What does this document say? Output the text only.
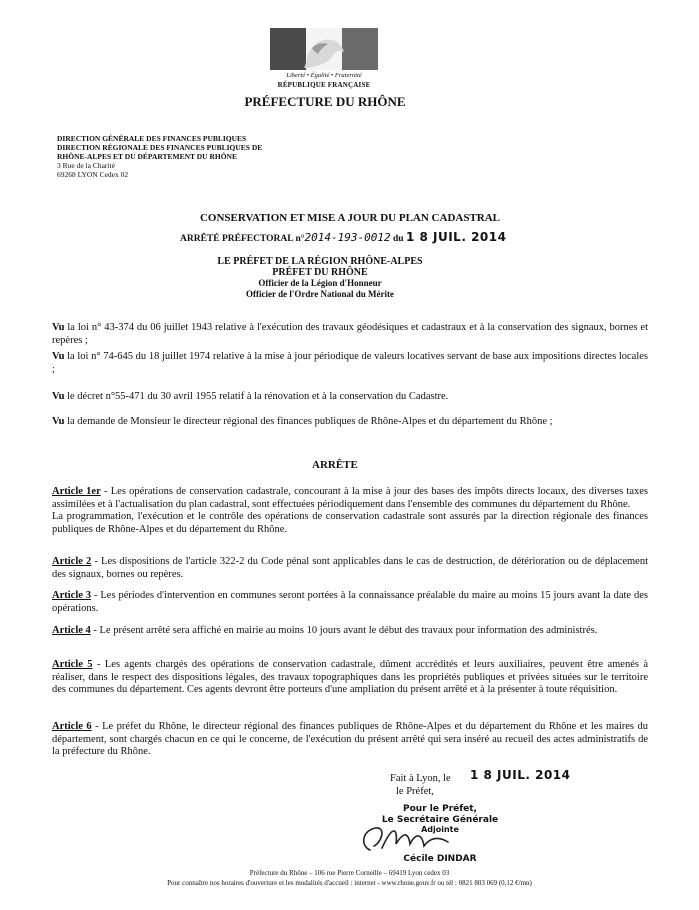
Liberté • Égalité • Fraternité
RÉPUBLIQUE FRANÇAISE
PRÉFECTURE DU RHÔNE
DIRECTION GÉNÉRALE DES FINANCES PUBLIQUES
DIRECTION RÉGIONALE DES FINANCES PUBLIQUES DE
RHÔNE-ALPES ET DU DÉPARTEMENT DU RHÔNE
3 Rue de la Charité
69268 LYON Cedex 02
CONSERVATION ET MISE A JOUR DU PLAN CADASTRAL
ARRÊTÉ PRÉFECTORAL n°2014-193-0012 du 1 8 JUIL. 2014
LE PRÉFET DE LA RÉGION RHÔNE-ALPES
PRÉFET DU RHÔNE
Officier de la Légion d'Honneur
Officier de l'Ordre National du Mérite
Vu la loi n° 43-374 du 06 juillet 1943 relative à l'exécution des travaux géodésiques et cadastraux et à la conservation des signaux, bornes et repères ;
Vu la loi n° 74-645 du 18 juillet 1974 relative à la mise à jour périodique de valeurs locatives servant de base aux impositions directes locales ;
Vu le décret n°55-471 du 30 avril 1955 relatif à la rénovation et à la conservation du Cadastre.
Vu la demande de Monsieur le directeur régional des finances publiques de Rhône-Alpes et du département du Rhône ;
ARRÊTE
Article 1er - Les opérations de conservation cadastrale, concourant à la mise à jour des bases des impôts directs locaux, des diverses taxes assimilées et à l'actualisation du plan cadastral, sont effectuées périodiquement dans l'ensemble des communes du département du Rhône.
La programmation, l'exécution et le contrôle des opérations de conservation cadastrale sont assurés par la direction régionale des finances publiques de Rhône-Alpes et du département du Rhône.
Article 2 - Les dispositions de l'article 322-2 du Code pénal sont applicables dans le cas de destruction, de détérioration ou de déplacement des signaux, bornes ou repères.
Article 3 - Les périodes d'intervention en communes seront portées à la connaissance préalable du maire au moins 15 jours avant la date des opérations.
Article 4 - Le présent arrêté sera affiché en mairie au moins 10 jours avant le début des travaux pour information des administrés.
Article 5 - Les agents chargés des opérations de conservation cadastrale, dûment accrédités et leurs auxiliaires, peuvent être amenés à réaliser, dans le respect des dispositions légales, des travaux topographiques dans les propriétés publiques et privées situées sur le territoire des communes du département. Ces agents devront être porteurs d'une ampliation du présent arrêté et à la présenter à toute réquisition.
Article 6 - Le préfet du Rhône, le directeur régional des finances publiques de Rhône-Alpes et du département du Rhône et les maires du département, sont chargés chacun en ce qui le concerne, de l'exécution du présent arrêté qui sera inséré au recueil des actes administratifs de la préfecture du Rhône.
Fait à Lyon, le
le Préfet,
1 8 JUIL. 2014
Pour le Préfet,
Le Secrétaire Générale
Adjointe
Cécile DINDAR
Préfecture du Rhône – 106 rue Pierre Corneille – 69419 Lyon cedex 03
Pour connaître nos horaires d'ouverture et les modalités d'accueil : internet - www.rhone.gouv.fr ou tél : 0821 803 069 (0,12 €/mn)
